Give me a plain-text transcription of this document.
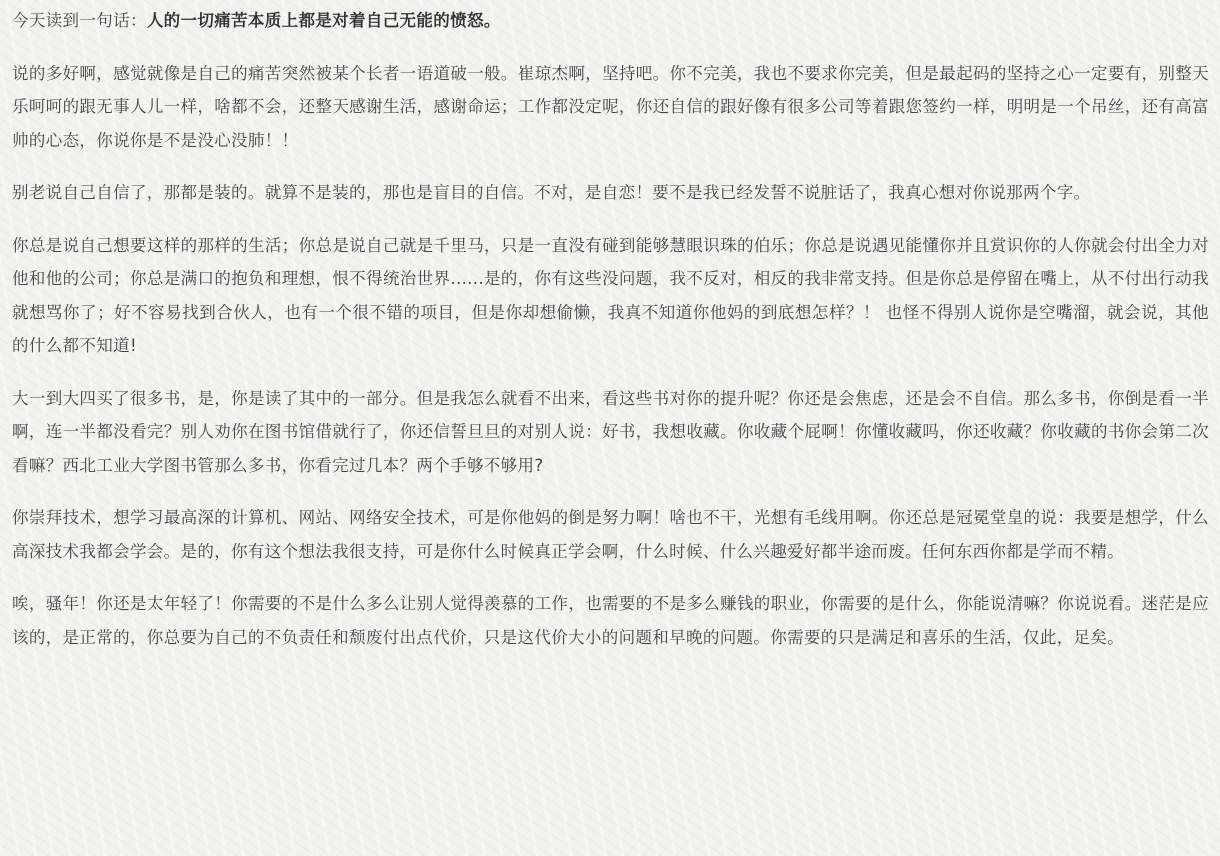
今天读到一句话：人的一切痛苦本质上都是对着自己无能的愤怒。

说的多好啊，感觉就像是自己的痛苦突然被某个长者一语道破一般。崔琼杰啊，坚持吧。你不完美，我也不要求你完美，但是最起码的坚持之心一定要有，别整天乐呵呵的跟无事人儿一样，啥都不会，还整天感谢生活，感谢命运；工作都没定呢，你还自信的跟好像有很多公司等着跟您签约一样，明明是一个吊丝，还有高富帅的心态，你说你是不是没心没肺！！

别老说自己自信了，那都是装的。就算不是装的，那也是盲目的自信。不对，是自恋！要不是我已经发誓不说脏话了，我真心想对你说那两个字。

你总是说自己想要这样的那样的生活；你总是说自己就是千里马，只是一直没有碰到能够慧眼识珠的伯乐；你总是说遇见能懂你并且赏识你的人你就会付出全力对他和他的公司；你总是满口的抱负和理想，恨不得统治世界......是的，你有这些没问题，我不反对，相反的我非常支持。但是你总是停留在嘴上，从不付出行动我就想骂你了；好不容易找到合伙人，也有一个很不错的项目，但是你却想偷懒，我真不知道你他妈的到底想怎样？！ 也怪不得别人说你是空嘴溜，就会说，其他的什么都不知道!

大一到大四买了很多书，是，你是读了其中的一部分。但是我怎么就看不出来，看这些书对你的提升呢？你还是会焦虑，还是会不自信。那么多书，你倒是看一半啊，连一半都没看完？别人劝你在图书馆借就行了，你还信誓旦旦的对别人说：好书，我想收藏。你收藏个屁啊！你懂收藏吗，你还收藏？你收藏的书你会第二次看嘛？西北工业大学图书管那么多书，你看完过几本？两个手够不够用?

你崇拜技术，想学习最高深的计算机、网站、网络安全技术，可是你他妈的倒是努力啊！啥也不干，光想有毛线用啊。你还总是冠冕堂皇的说：我要是想学，什么高深技术我都会学会。是的，你有这个想法我很支持，可是你什么时候真正学会啊，什么时候、什么兴趣爱好都半途而废。任何东西你都是学而不精。

唉，骚年！你还是太年轻了！你需要的不是什么多么让别人觉得羡慕的工作，也需要的不是多么赚钱的职业，你需要的是什么，你能说清嘛？你说说看。迷茫是应该的，是正常的，你总要为自己的不负责任和颓废付出点代价，只是这代价大小的问题和早晚的问题。你需要的只是满足和喜乐的生活，仅此，足矣。
